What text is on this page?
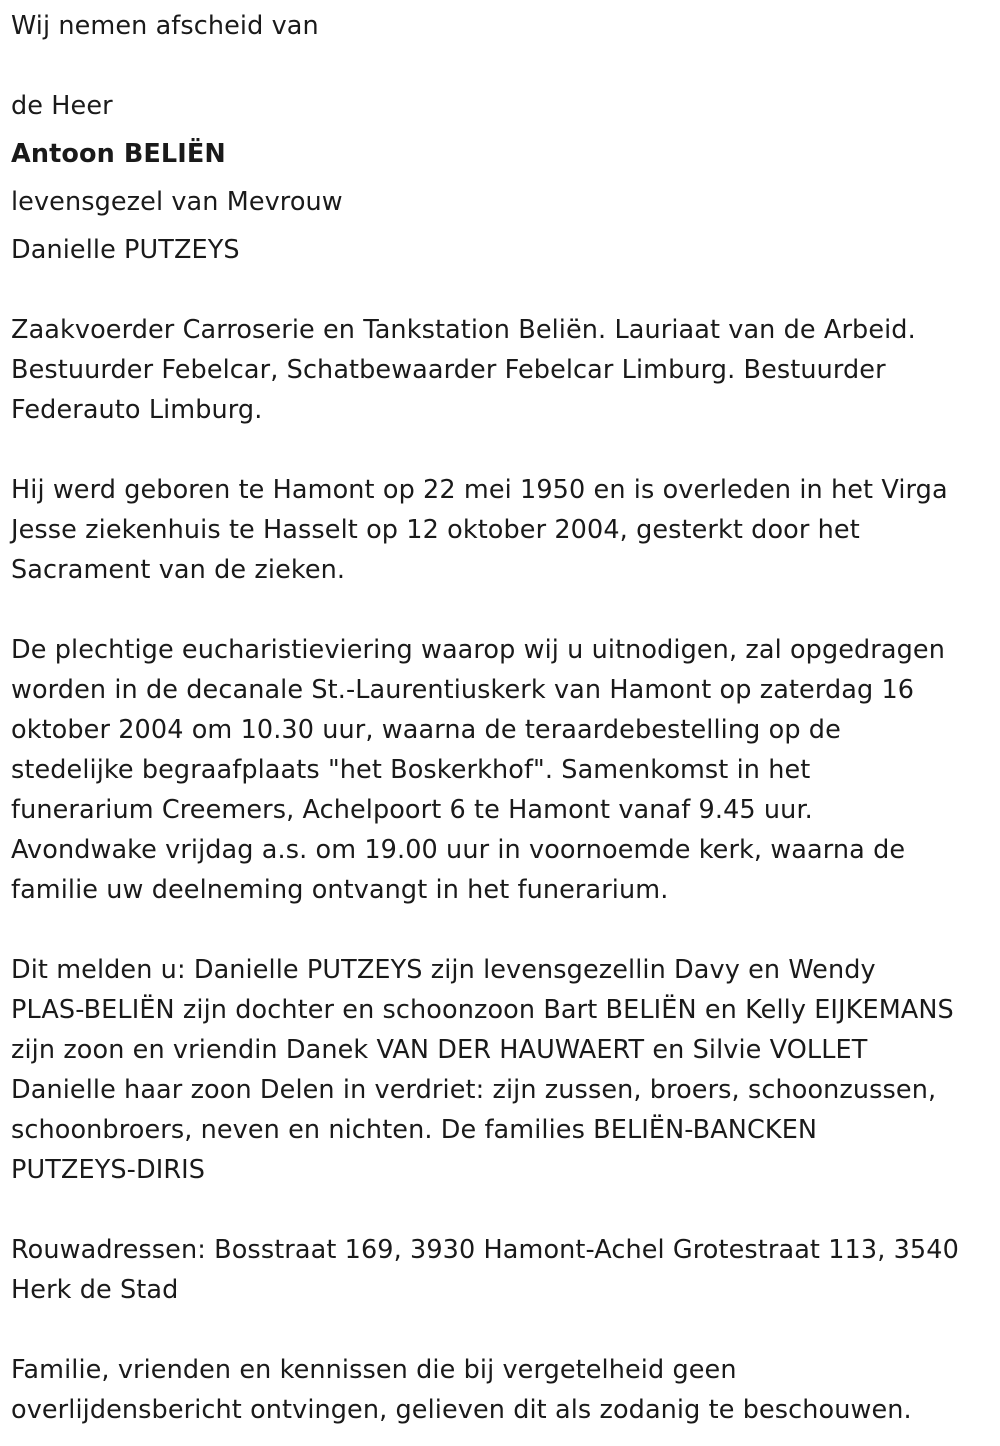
Wij nemen afscheid van
de Heer
Antoon BELIËN
levensgezel van Mevrouw
Danielle PUTZEYS
Zaakvoerder Carroserie en Tankstation Beliën. Lauriaat van de Arbeid.
Bestuurder Febelcar, Schatbewaarder Febelcar Limburg. Bestuurder
Federauto Limburg.
Hij werd geboren te Hamont op 22 mei 1950 en is overleden in het Virga
Jesse ziekenhuis te Hasselt op 12 oktober 2004, gesterkt door het
Sacrament van de zieken.
De plechtige eucharistieviering waarop wij u uitnodigen, zal opgedragen
worden in de decanale St.-Laurentiuskerk van Hamont op zaterdag 16
oktober 2004 om 10.30 uur, waarna de teraardebestelling op de
stedelijke begraafplaats "het Boskerkhof". Samenkomst in het
funerarium Creemers, Achelpoort 6 te Hamont vanaf 9.45 uur.
Avondwake vrijdag a.s. om 19.00 uur in voornoemde kerk, waarna de
familie uw deelneming ontvangt in het funerarium.
Dit melden u: Danielle PUTZEYS zijn levensgezellin Davy en Wendy
PLAS-BELIËN zijn dochter en schoonzoon Bart BELIËN en Kelly EIJKEMANS
zijn zoon en vriendin Danek VAN DER HAUWAERT en Silvie VOLLET
Danielle haar zoon Delen in verdriet: zijn zussen, broers, schoonzussen,
schoonbroers, neven en nichten. De families BELIËN-BANCKEN
PUTZEYS-DIRIS
Rouwadressen: Bosstraat 169, 3930 Hamont-Achel Grotestraat 113, 3540
Herk de Stad
Familie, vrienden en kennissen die bij vergetelheid geen
overlijdensbericht ontvingen, gelieven dit als zodanig te beschouwen.
